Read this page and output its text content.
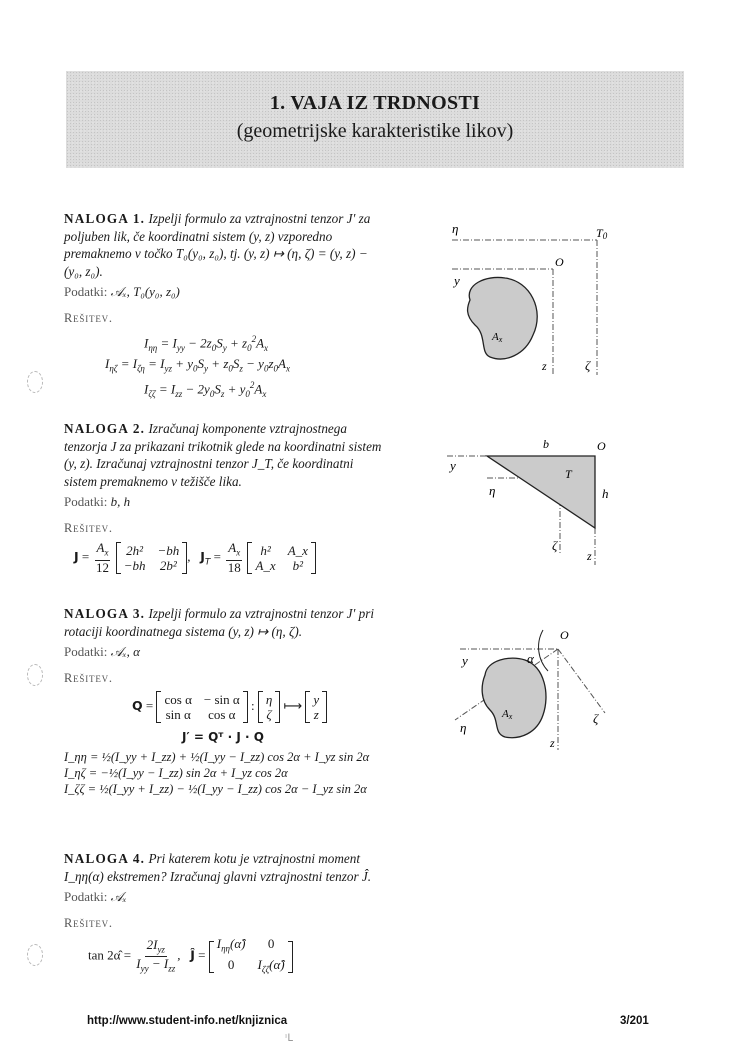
1. VAJA IZ TRDNOSTI
(geometrijske karakteristike likov)
NALOGA 1. Izpelji formulo za vztrajnostni tenzor J′ za poljuben lik, če koordinatni sistem (y, z) vzporedno premaknemo v točko T₀(y₀, z₀), tj. (y, z) ↦ (η, ζ) = (y, z) − (y₀, z₀).
Podatki: 𝒜ₓ, T₀(y₀, z₀)
Rešitev.
$I_{\eta\eta} = I_{yy} - 2z_0S_y + z_0^2A_x$
$I_{\eta\zeta} = I_{\zeta\eta} = I_{yz} + y_0S_y + z_0S_z - y_0z_0A_x$
$I_{\zeta\zeta} = I_{zz} - 2y_0S_z + y_0^2A_x$
η	T0
O
y
Ax
z	ζ
NALOGA 2. Izračunaj komponente vztrajnostnega tenzorja J za prikazani trikotnik glede na koordinatni sistem (y, z). Izračunaj vztrajnostni tenzor J_T, če koordinatni sistem premaknemo v težišče lika.
Podatki: b, h
Rešitev.
$J = \frac{A_x}{12}$
2h² −bh
−bh 2b²
,   $J_T = \frac{A_x}{18}$
	h²	A_x
A_x	b²
b	O
y
T
η	h
ζ
z
NALOGA 3. Izpelji formulo za vztrajnostni tenzor J′ pri rotaciji koordinatnega sistema (y, z) ↦ (η, ζ).
Podatki: 𝒜ₓ, α
Rešitev.
Q = cos α − sin α
sin α	cos α
: η
ζ
⟼ y
z
J′ = Qᵀ · J · Q
I_ηη = ½(I_yy + I_zz) + ½(I_yy − I_zz) cos 2α + I_yz sin 2α
I_ηζ = −½(I_yy − I_zz) sin 2α + I_yz cos 2α
I_ζζ = ½(I_yy + I_zz) − ½(I_yy − I_zz) cos 2α − I_yz sin 2α
O
y	α
Ax
η
ζ
z
NALOGA 4. Pri katerem kotu je vztrajnostni moment I_ηη(α) ekstremen? Izračunaj glavni vztrajnostni tenzor Ĵ.
Podatki: 𝒜ₓ
Rešitev.
tan 2α̂ = $\frac{2I_{yz}}{I_{yy} - I_{zz}}$ ,   Ĵ =
$I_{\eta\eta}(\alphâ)$	0
0	$I_{\zeta\zeta}(\alphâ)$
http://www.student-info.net/knjiznica	3/201
ᶦᒪ
